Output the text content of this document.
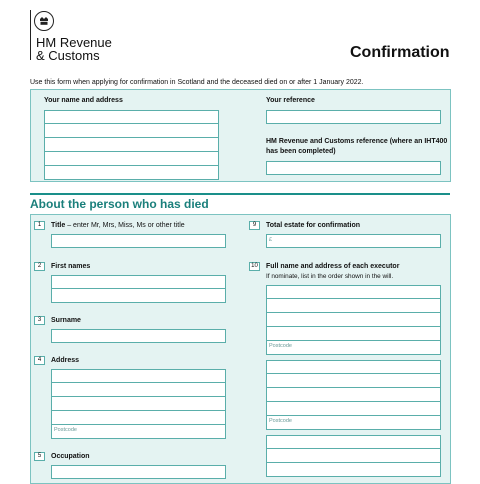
HM Revenue
& Customs	Confirmation
Use this form when applying for confirmation in Scotland and the deceased died on or after 1 January 2022.
Your name and address	Your reference
HM Revenue and Customs reference (where an IHT400
has been completed)
About the person who has died
1	Title – enter Mr, Mrs, Miss, Ms or other title
2	First names
3	Surname
4	Address
Postcode
5	Occupation
9	Total estate for confirmation
£
10	Full name and address of each executor
If nominate, list in the order shown in the will.
Postcode
Postcode
